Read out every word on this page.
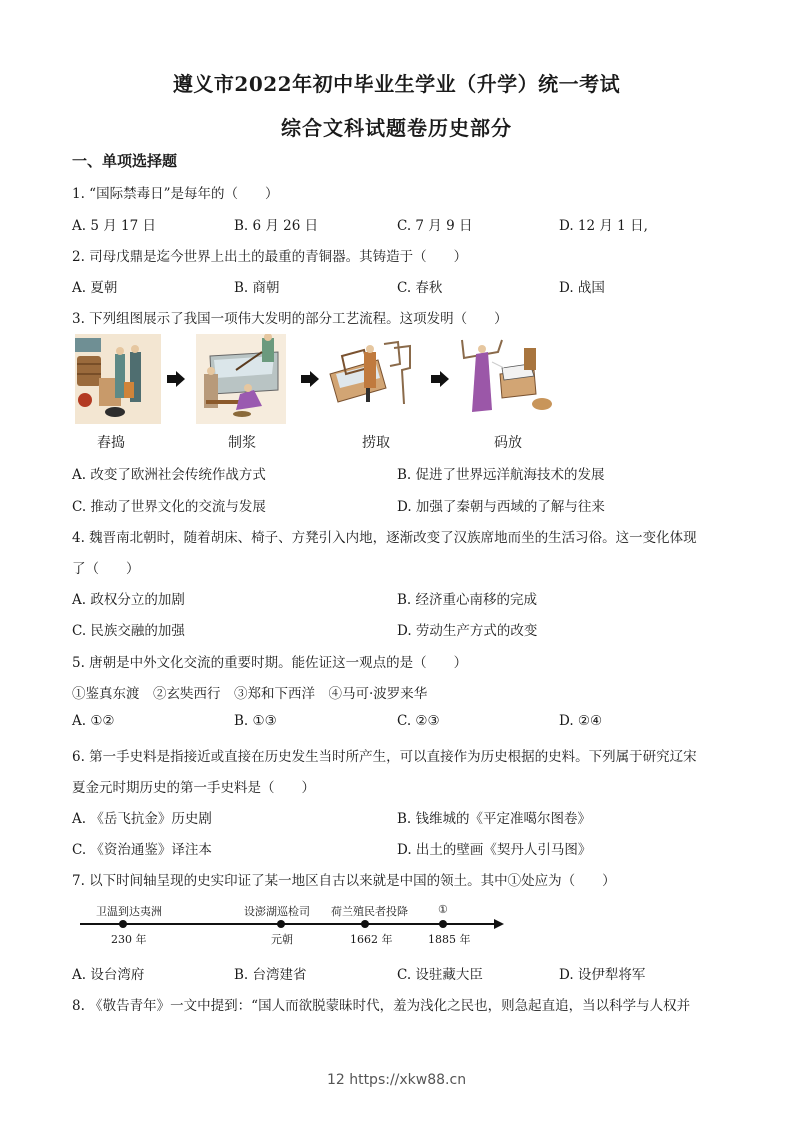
遵义市2022年初中毕业生学业（升学）统一考试
综合文科试题卷历史部分
一、单项选择题
1. “国际禁毒日”是每年的（　　）
A. 5 月 17 日	B. 6 月 26 日	C. 7 月 9 日	D. 12 月 1 日,
2. 司母戊鼎是迄今世界上出土的最重的青铜器。其铸造于（　　）
A. 夏朝	B. 商朝	C. 春秋	D. 战国
3. 下列组图展示了我国一项伟大发明的部分工艺流程。这项发明（　　）
舂捣	制浆	捞取	码放
A. 改变了欧洲社会传统作战方式	B. 促进了世界远洋航海技术的发展
C. 推动了世界文化的交流与发展	D. 加强了秦朝与西域的了解与往来
4. 魏晋南北朝时，随着胡床、椅子、方凳引入内地，逐渐改变了汉族席地而坐的生活习俗。这一变化体现
了（　　）
A. 政权分立的加剧	B. 经济重心南移的完成
C. 民族交融的加强	D. 劳动生产方式的改变
5. 唐朝是中外文化交流的重要时期。能佐证这一观点的是（　　）
①鉴真东渡　②玄奘西行　③郑和下西洋　④马可·波罗来华
A. ①②	B. ①③	C. ②③	D. ②④
6. 第一手史料是指接近或直接在历史发生当时所产生，可以直接作为历史根据的史料。下列属于研究辽宋
夏金元时期历史的第一手史料是（　　）
A. 《岳飞抗金》历史剧	B. 钱维城的《平定准噶尔图卷》
C. 《资治通鉴》译注本	D. 出土的壁画《契丹人引马图》
7. 以下时间轴呈现的史实印证了某一地区自古以来就是中国的领土。其中①处应为（　　）
卫温到达夷洲	设澎湖巡检司 荷兰殖民者投降	①
230 年	元朝	1662 年	1885 年
A. 设台湾府	B. 台湾建省	C. 设驻藏大臣	D. 设伊犁将军
8. 《敬告青年》一文中提到：“国人而欲脱蒙昧时代，羞为浅化之民也，则急起直追，当以科学与人权并
12 https://xkw88.cn
